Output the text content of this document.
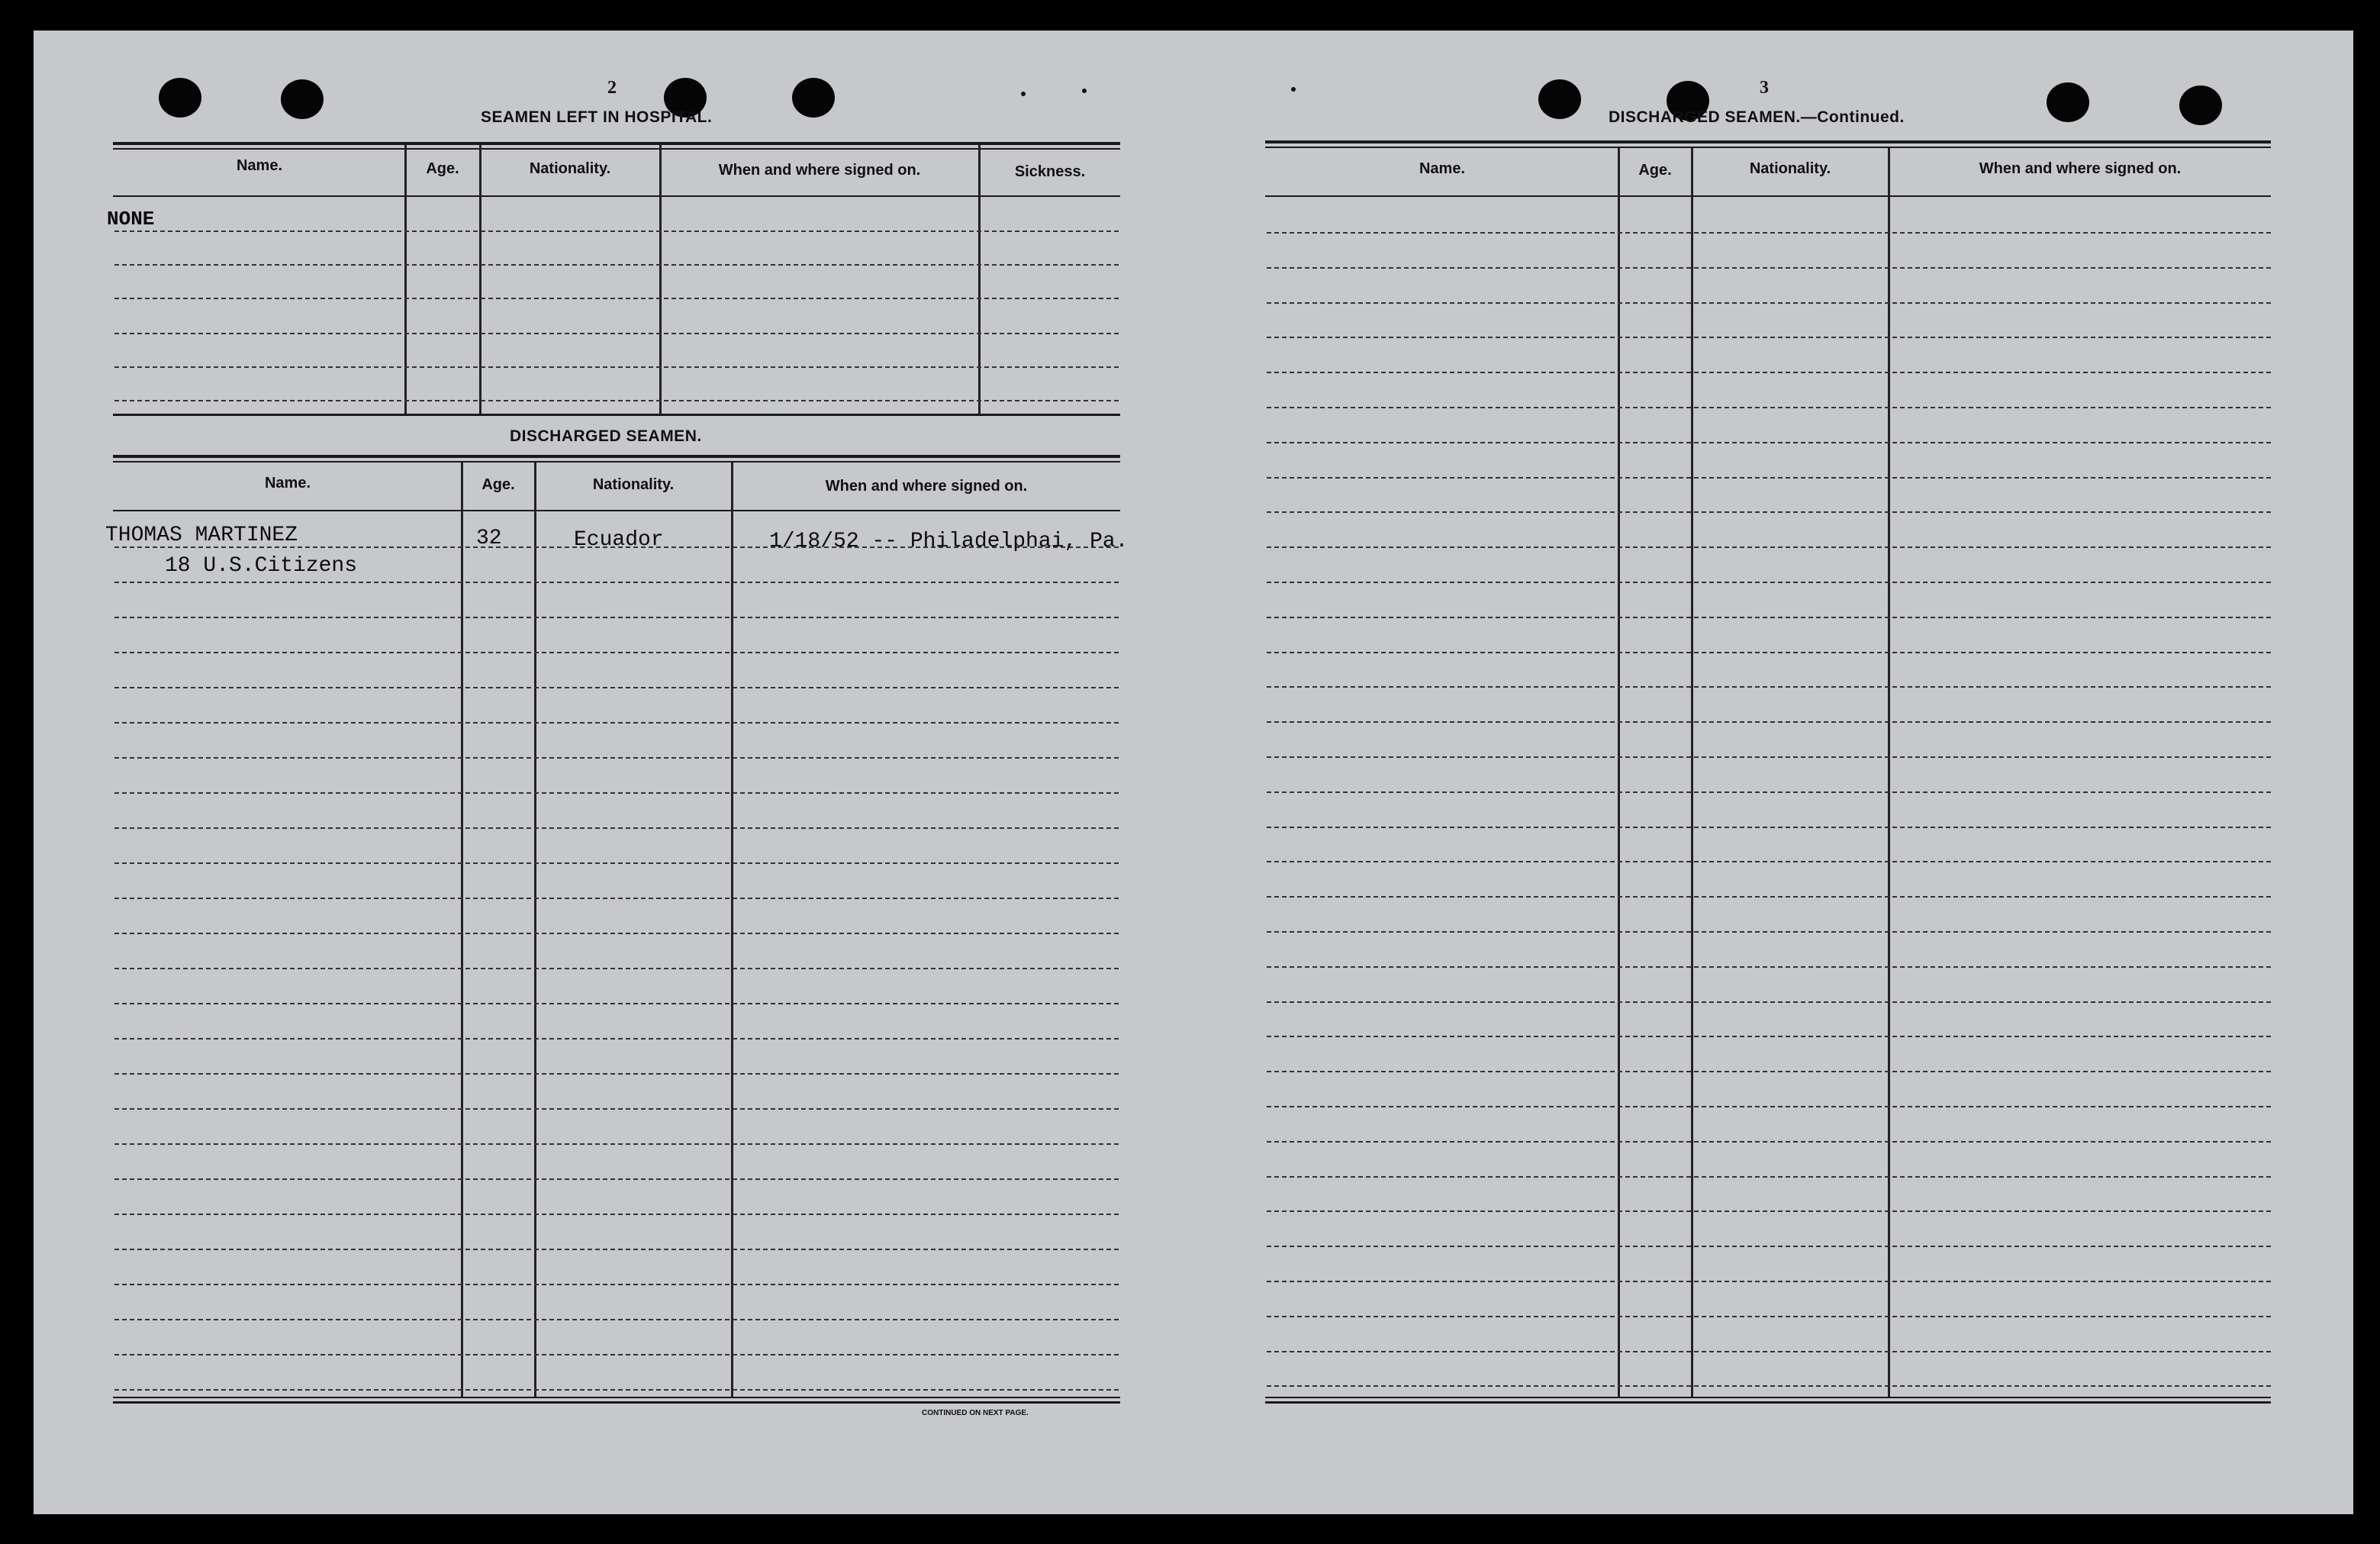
2
SEAMEN LEFT IN HOSPITAL.
Name.	Age.	Nationality.	When and where signed on.	Sickness.
NONE
DISCHARGED SEAMEN.
Name.	Age.	Nationality.	When and where signed on.
THOMAS MARTINEZ	32	Ecuador	1/18/52 -- Philadelphai, Pa.
18 U.S.Citizens
CONTINUED ON NEXT PAGE.
3
DISCHARGED SEAMEN.—Continued.
Name.	Age.	Nationality.	When and where signed on.
